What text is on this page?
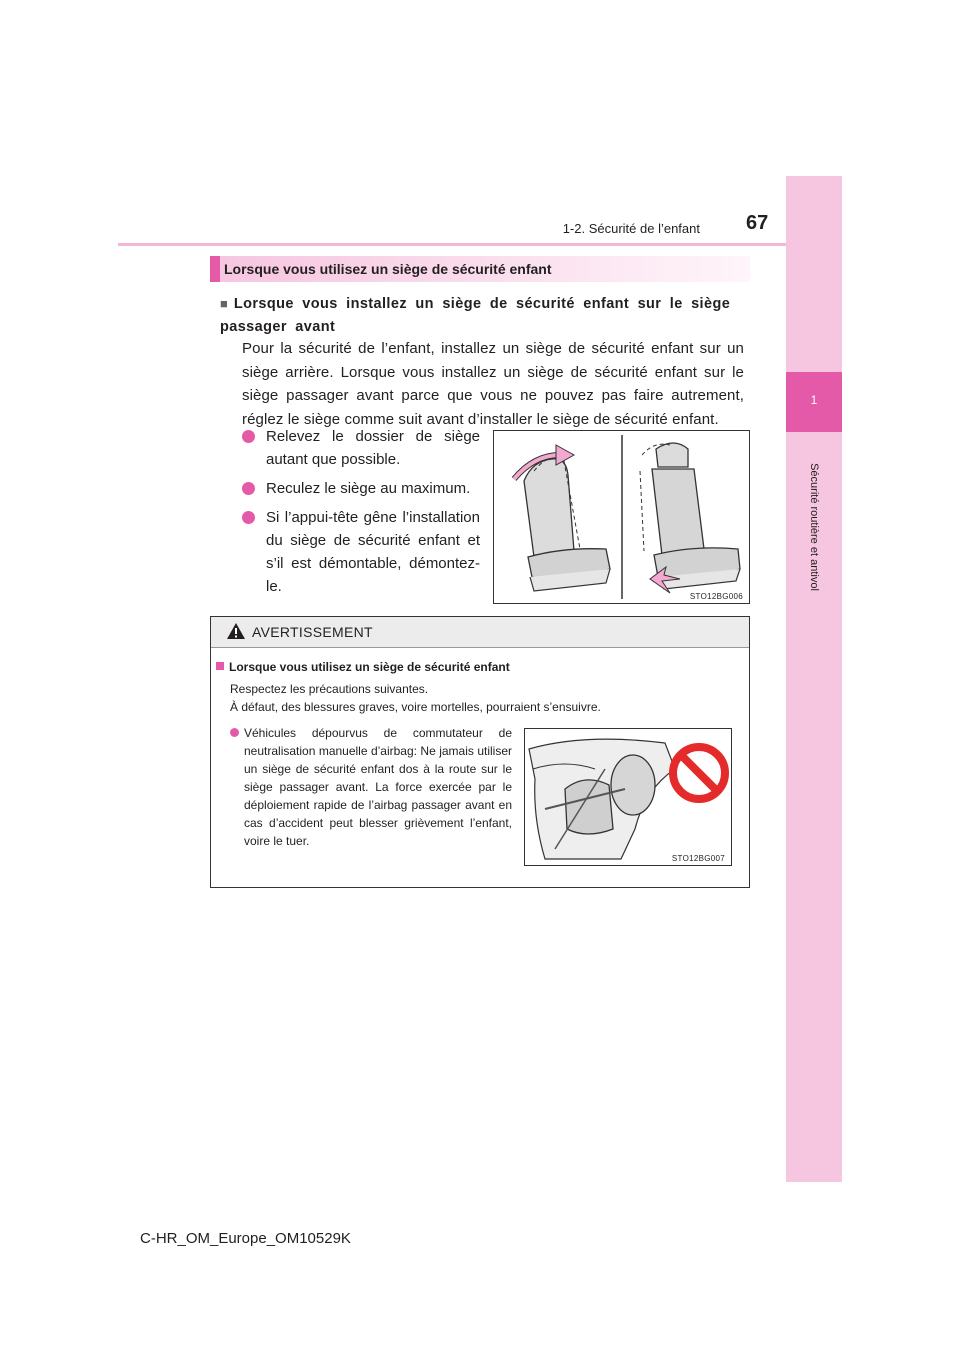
1-2. Sécurité de l’enfant 67
1
Sécurité routière et antivol
Lorsque vous utilisez un siège de sécurité enfant
■ Lorsque vous installez un siège de sécurité enfant sur le siège passager avant
Pour la sécurité de l’enfant, installez un siège de sécurité enfant sur un siège arrière. Lorsque vous installez un siège de sécurité enfant sur le siège passager avant parce que vous ne pouvez pas faire autrement, réglez le siège comme suit avant d’installer le siège de sécurité enfant.
Relevez le dossier de siège autant que possible.
Reculez le siège au maximum.
Si l’appui-tête gêne l’installation du siège de sécurité enfant et s’il est démontable, démontez-le.
STO12BG006
AVERTISSEMENT
Lorsque vous utilisez un siège de sécurité enfant
Respectez les précautions suivantes.
À défaut, des blessures graves, voire mortelles, pourraient s’ensuivre.
Véhicules dépourvus de commutateur de neutralisation manuelle d’airbag: Ne jamais utiliser un siège de sécurité enfant dos à la route sur le siège passager avant. La force exercée par le déploiement rapide de l’airbag passager avant en cas d’accident peut blesser grièvement l’enfant, voire le tuer.
STO12BG007
C-HR_OM_Europe_OM10529K
